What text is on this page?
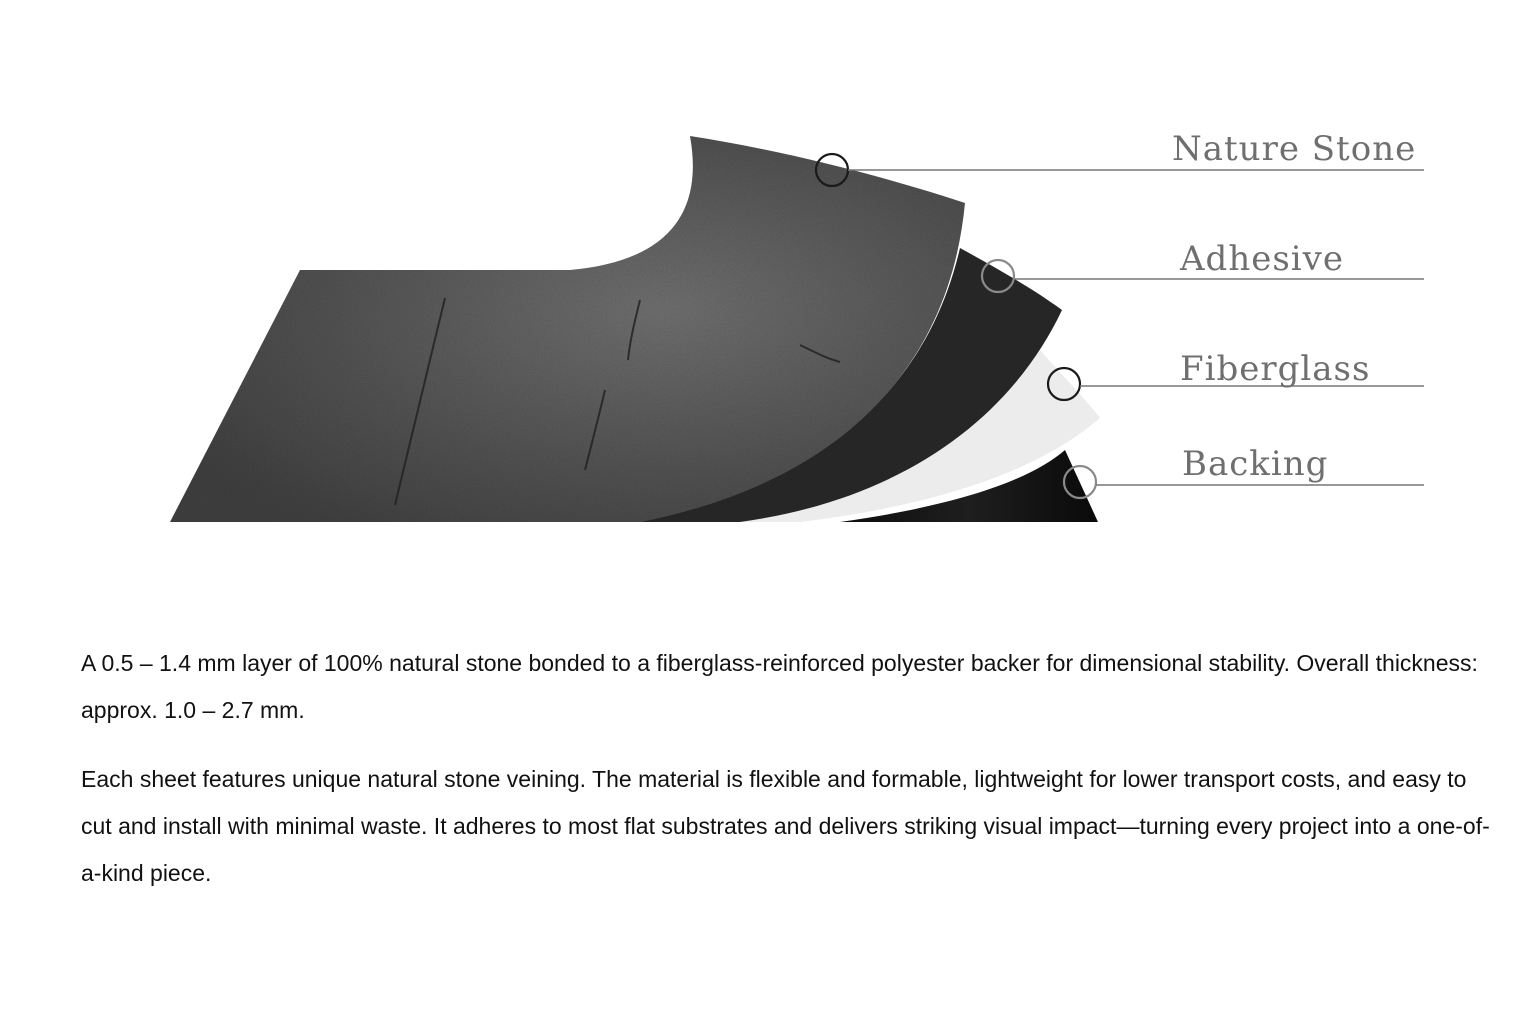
Nature Stone
Adhesive
Fiberglass
Backing

A 0.5 – 1.4 mm layer of 100% natural stone bonded to a fiberglass-reinforced polyester backer for dimensional stability. Overall thickness: approx. 1.0 – 2.7 mm.

Each sheet features unique natural stone veining. The material is flexible and formable, lightweight for lower transport costs, and easy to cut and install with minimal waste. It adheres to most flat substrates and delivers striking visual impact—turning every project into a one-of-a-kind piece.
